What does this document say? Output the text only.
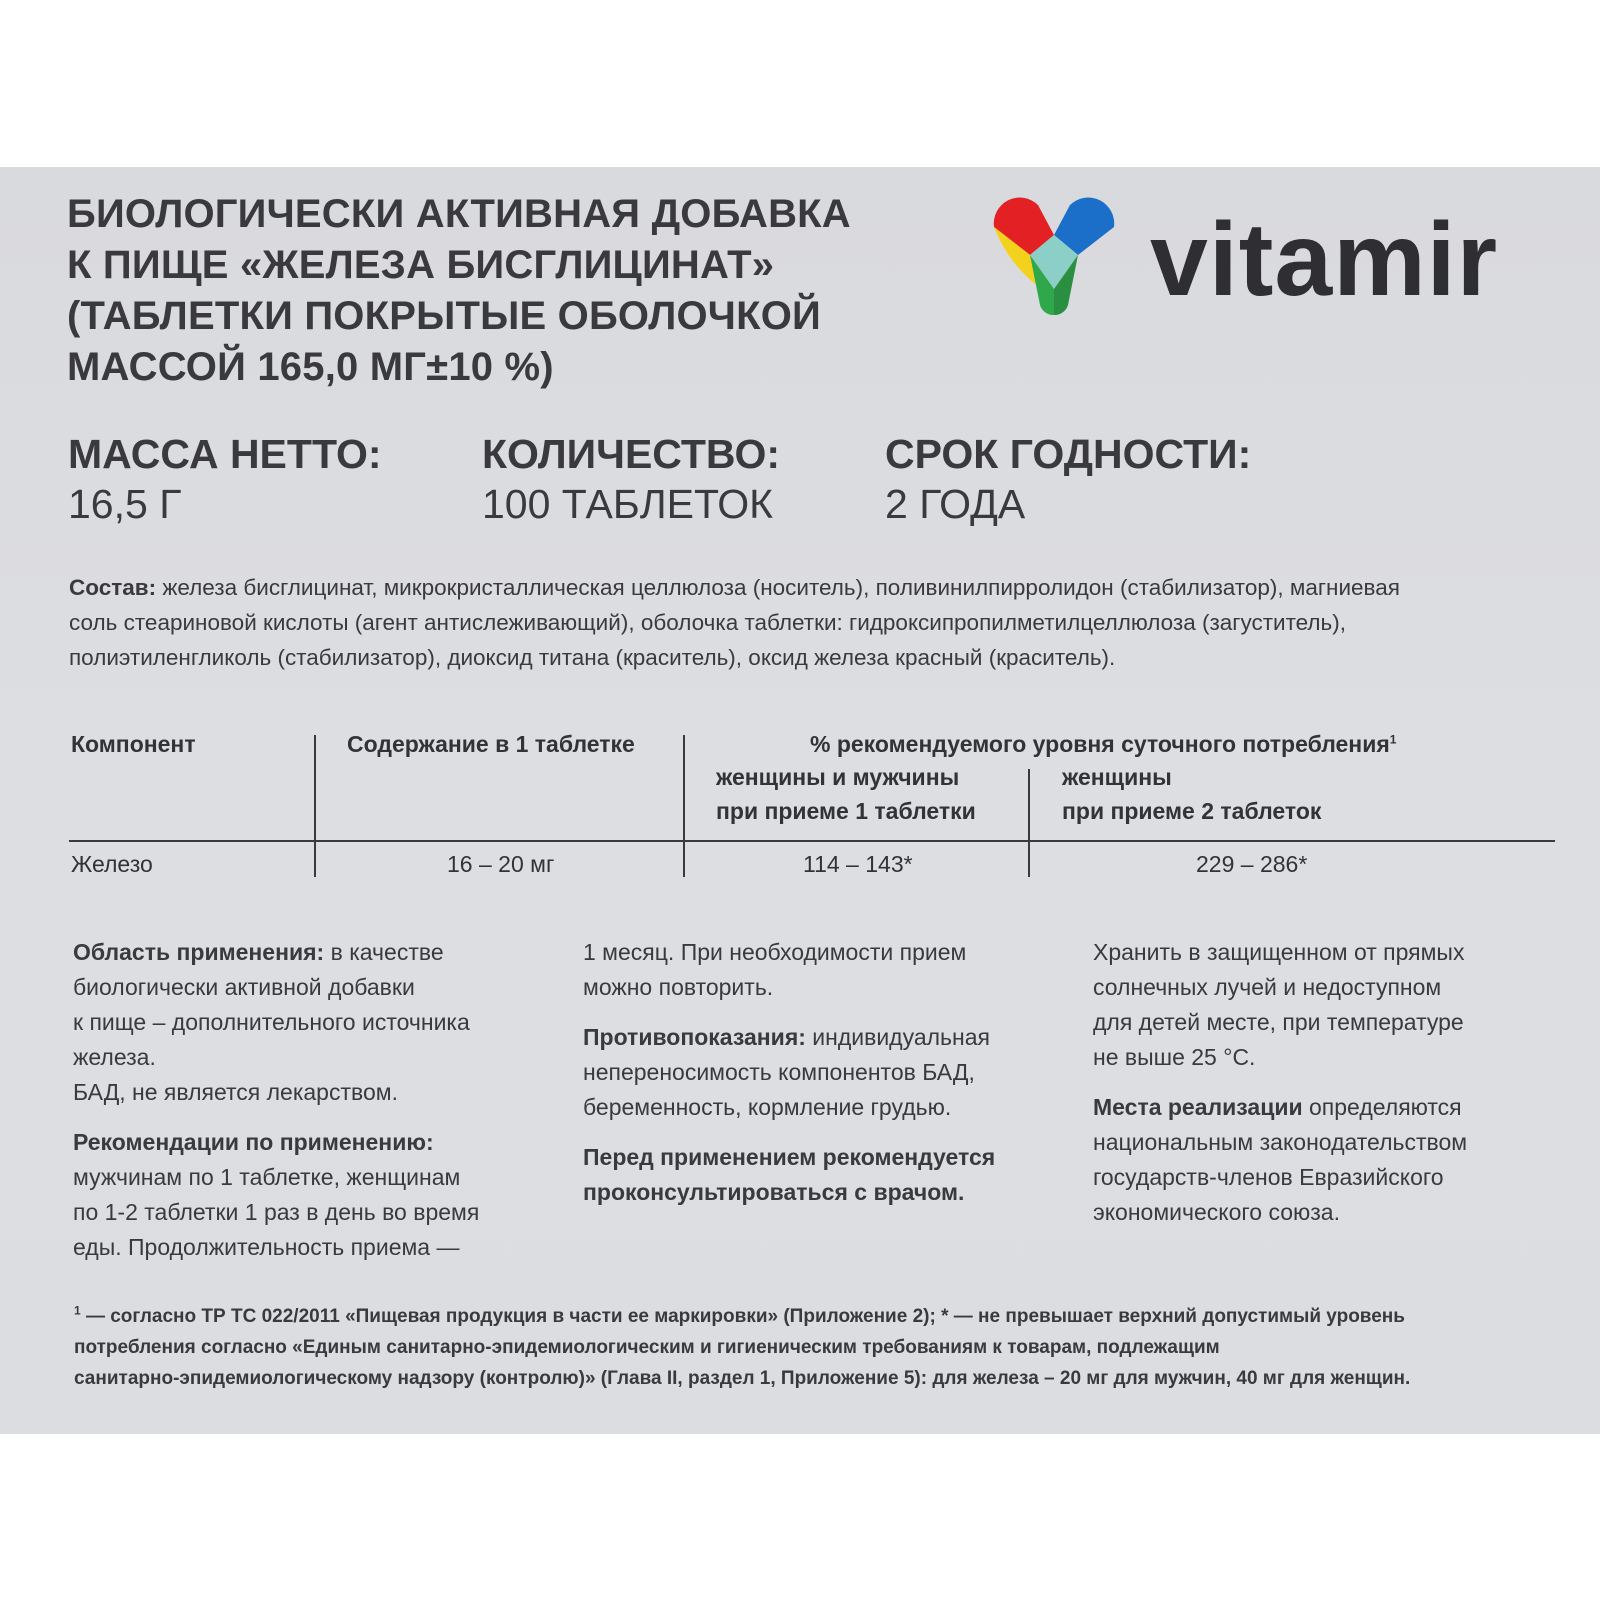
БИОЛОГИЧЕСКИ АКТИВНАЯ ДОБАВКА
К ПИЩЕ «ЖЕЛЕЗА БИСГЛИЦИНАТ»
(ТАБЛЕТКИ ПОКРЫТЫЕ ОБОЛОЧКОЙ
МАССОЙ 165,0 МГ±10 %)
vitamir
МАССА НЕТТО:
16,5 Г
КОЛИЧЕСТВО:
100 ТАБЛЕТОК
СРОК ГОДНОСТИ:
2 ГОДА
Состав: железа бисглицинат, микрокристаллическая целлюлоза (носитель), поливинилпирролидон (стабилизатор), магниевая
соль стеариновой кислоты (агент антислеживающий), оболочка таблетки: гидроксипропилметилцеллюлоза (загуститель),
полиэтиленгликоль (стабилизатор), диоксид титана (краситель), оксид железа красный (краситель).
Компонент	Содержание в 1 таблетке	% рекомендуемого уровня суточного потребления$^1$
женщины и мужчины
при приеме 1 таблетки
женщины
при приеме 2 таблеток
Железо	16 – 20 мг	114 – 143*	229 – 286*
Область применения: в качестве
биологически активной добавки
к пище – дополнительного источника
железа.
БАД, не является лекарством.
Рекомендации по применению:
мужчинам по 1 таблетке, женщинам
по 1-2 таблетки 1 раз в день во время
еды. Продолжительность приема —
1 месяц. При необходимости прием
можно повторить.
Противопоказания: индивидуальная
непереносимость компонентов БАД,
беременность, кормление грудью.
Перед применением рекомендуется
проконсультироваться с врачом.
Хранить в защищенном от прямых
солнечных лучей и недоступном
для детей месте, при температуре
не выше 25 °C.
Места реализации определяются
национальным законодательством
государств-членов Евразийского
экономического союза.
$^1$ — согласно ТР ТС 022/2011 «Пищевая продукция в части ее маркировки» (Приложение 2); * — не превышает верхний допустимый уровень
потребления согласно «Единым санитарно-эпидемиологическим и гигиеническим требованиям к товарам, подлежащим
санитарно-эпидемиологическому надзору (контролю)» (Глава II, раздел 1, Приложение 5): для железа – 20 мг для мужчин, 40 мг для женщин.
